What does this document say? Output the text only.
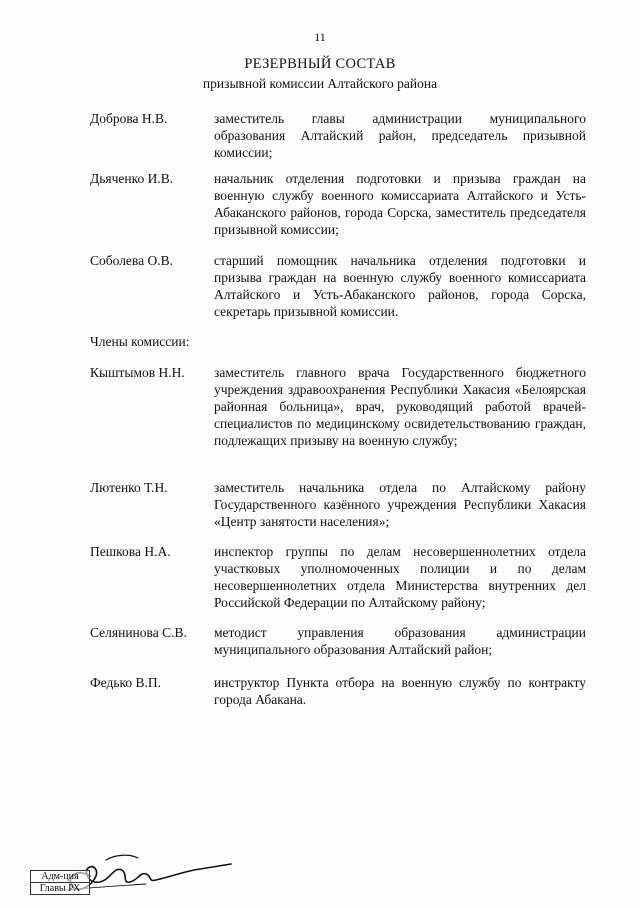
11
РЕЗЕРВНЫЙ СОСТАВ
призывной комиссии Алтайского района
Доброва Н.В.	заместитель главы администрации муниципального образования Алтайский район, председатель призывной комиссии;
Дьяченко И.В.	начальник отделения подготовки и призыва граждан на военную службу военного комиссариата Алтайского и Усть-Абаканского районов, города Сорска, заместитель председателя призывной комиссии;
Соболева О.В.	старший помощник начальника отделения подготовки и призыва граждан на военную службу военного комиссариата Алтайского и Усть-Абаканского районов, города Сорска, секретарь призывной комиссии.
Члены комиссии:
Кыштымов Н.Н.	заместитель главного врача Государственного бюджетного учреждения здравоохранения Республики Хакасия «Белоярская районная больница», врач, руководящий работой врачей-специалистов по медицинскому освидетельствованию граждан, подлежащих призыву на военную службу;
Лютенко Т.Н.	заместитель начальника отдела по Алтайскому району Государственного казённого учреждения Республики Хакасия «Центр занятости населения»;
Пешкова Н.А.	инспектор группы по делам несовершеннолетних отдела участковых уполномоченных полиции и по делам несовершеннолетних отдела Министерства внутренних дел Российской Федерации по Алтайскому району;
Селянинова С.В.	методист управления образования администрации муниципального образования Алтайский район;
Федько В.П.	инструктор Пункта отбора на военную службу по контракту города Абакана.
Адм-ция
Главы РХ
